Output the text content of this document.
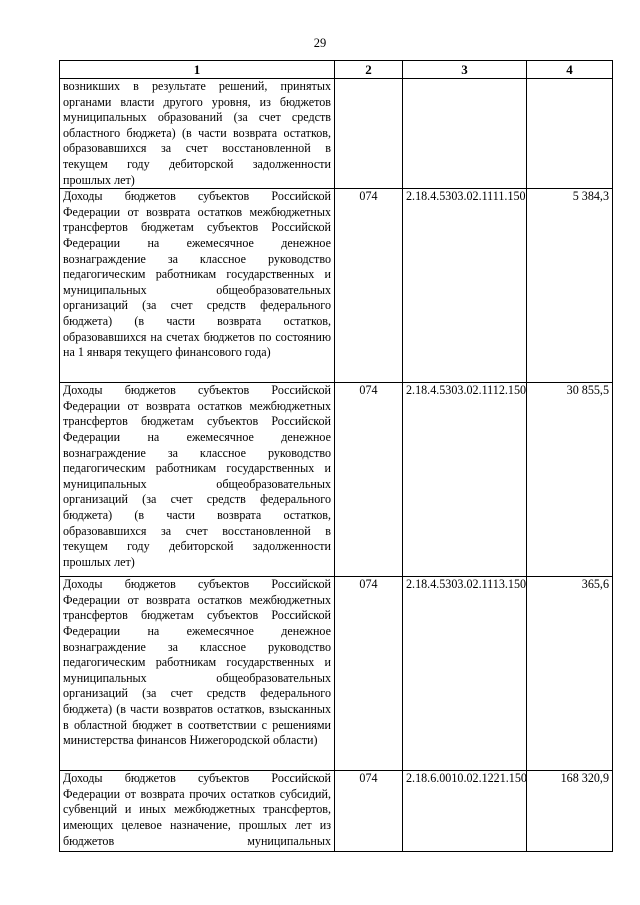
29
1	2	3	4
возникших в результате решений, принятых органами власти другого уровня, из бюджетов муниципальных образований (за счет средств областного бюджета) (в части возврата остатков, образовавшихся за счет восстановленной в текущем году дебиторской задолженности прошлых лет)			
Доходы бюджетов субъектов Российской Федерации от возврата остатков межбюджетных трансфертов бюджетам субъектов Российской Федерации на ежемесячное денежное вознаграждение за классное руководство педагогическим работникам государственных и муниципальных общеобразовательных организаций (за счет средств федерального бюджета) (в части возврата остатков, образовавшихся на счетах бюджетов по состоянию на 1 января текущего финансового года)	074	2.18.4.5303.02.1111.150	5 384,3
Доходы бюджетов субъектов Российской Федерации от возврата остатков межбюджетных трансфертов бюджетам субъектов Российской Федерации на ежемесячное денежное вознаграждение за классное руководство педагогическим работникам государственных и муниципальных общеобразовательных организаций (за счет средств федерального бюджета) (в части возврата остатков, образовавшихся за счет восстановленной в текущем году дебиторской задолженности прошлых лет)	074	2.18.4.5303.02.1112.150	30 855,5
Доходы бюджетов субъектов Российской Федерации от возврата остатков межбюджетных трансфертов бюджетам субъектов Российской Федерации на ежемесячное денежное вознаграждение за классное руководство педагогическим работникам государственных и муниципальных общеобразовательных организаций (за счет средств федерального бюджета) (в части возвратов остатков, взысканных в областной бюджет в соответствии с решениями министерства финансов Нижегородской области)	074	2.18.4.5303.02.1113.150	365,6
Доходы бюджетов субъектов Российской Федерации от возврата прочих остатков субсидий, субвенций и иных межбюджетных трансфертов, имеющих целевое назначение, прошлых лет из бюджетов муниципальных	074	2.18.6.0010.02.1221.150	168 320,9
